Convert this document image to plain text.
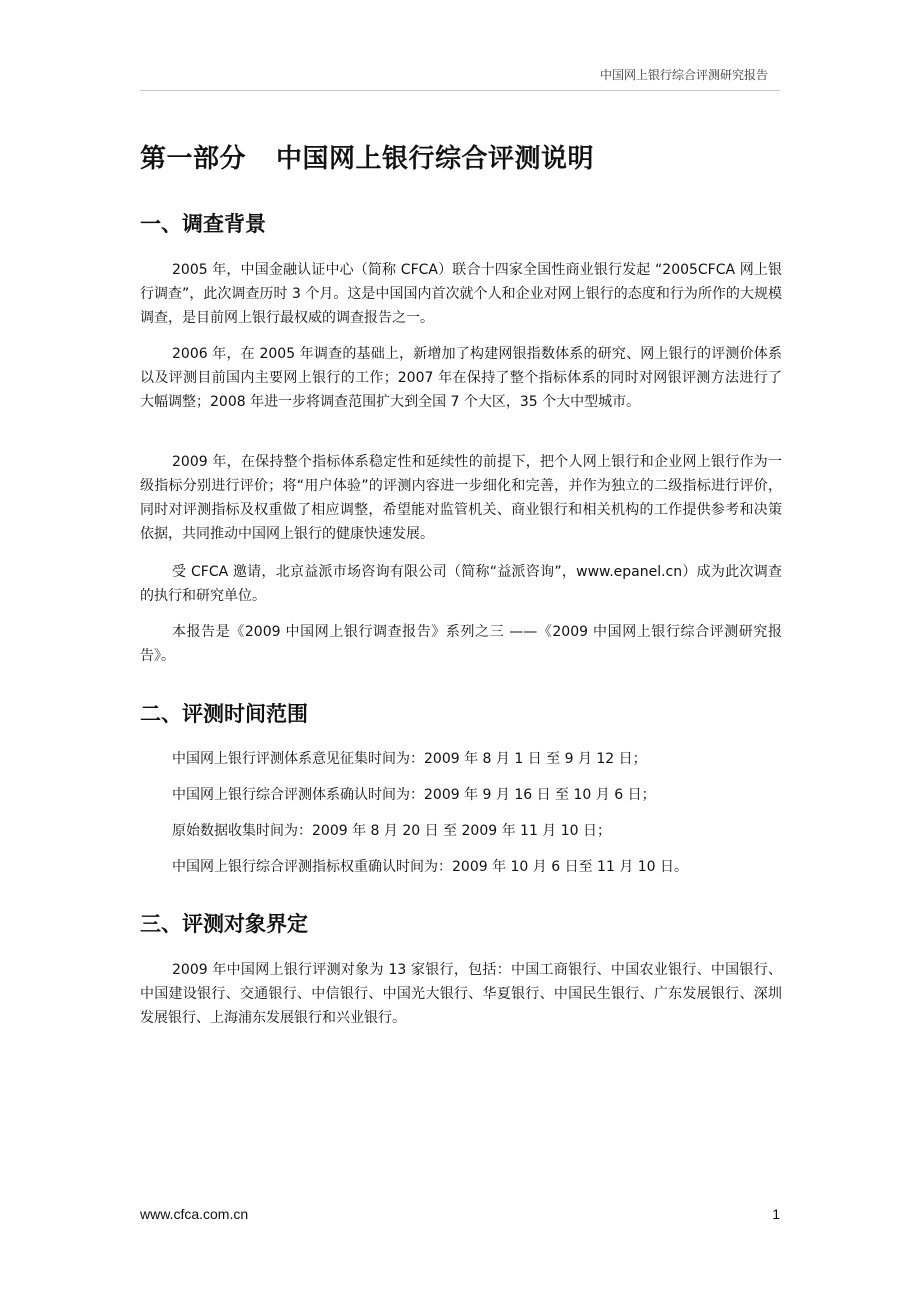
中国网上银行综合评测研究报告
第一部分 中国网上银行综合评测说明
一、调查背景

2005 年，中国金融认证中心（简称 CFCA）联合十四家全国性商业银行发起 “2005CFCA 网上银行调查”，此次调查历时 3 个月。这是中国国内首次就个人和企业对网上银行的态度和行为所作的大规模调查，是目前网上银行最权威的调查报告之一。

2006 年，在 2005 年调查的基础上，新增加了构建网银指数体系的研究、网上银行的评测价体系以及评测目前国内主要网上银行的工作；2007 年在保持了整个指标体系的同时对网银评测方法进行了大幅调整；2008 年进一步将调查范围扩大到全国 7 个大区，35 个大中型城市。

2009 年，在保持整个指标体系稳定性和延续性的前提下，把个人网上银行和企业网上银行作为一级指标分别进行评价；将“用户体验”的评测内容进一步细化和完善，并作为独立的二级指标进行评价，同时对评测指标及权重做了相应调整，希望能对监管机关、商业银行和相关机构的工作提供参考和决策依据，共同推动中国网上银行的健康快速发展。

受 CFCA 邀请，北京益派市场咨询有限公司（简称“益派咨询”，www.epanel.cn）成为此次调查的执行和研究单位。

本报告是《2009 中国网上银行调查报告》系列之三 ——《2009 中国网上银行综合评测研究报告》。

二、评测时间范围

中国网上银行评测体系意见征集时间为：2009 年 8 月 1 日 至 9 月 12 日；

中国网上银行综合评测体系确认时间为：2009 年 9 月 16 日 至 10 月 6 日；

原始数据收集时间为：2009 年 8 月 20 日 至 2009 年 11 月 10 日；

中国网上银行综合评测指标权重确认时间为：2009 年 10 月 6 日至 11 月 10 日。

三、评测对象界定

2009 年中国网上银行评测对象为 13 家银行，包括：中国工商银行、中国农业银行、中国银行、中国建设银行、交通银行、中信银行、中国光大银行、华夏银行、中国民生银行、广东发展银行、深圳发展银行、上海浦东发展银行和兴业银行。

www.cfca.com.cn	1
